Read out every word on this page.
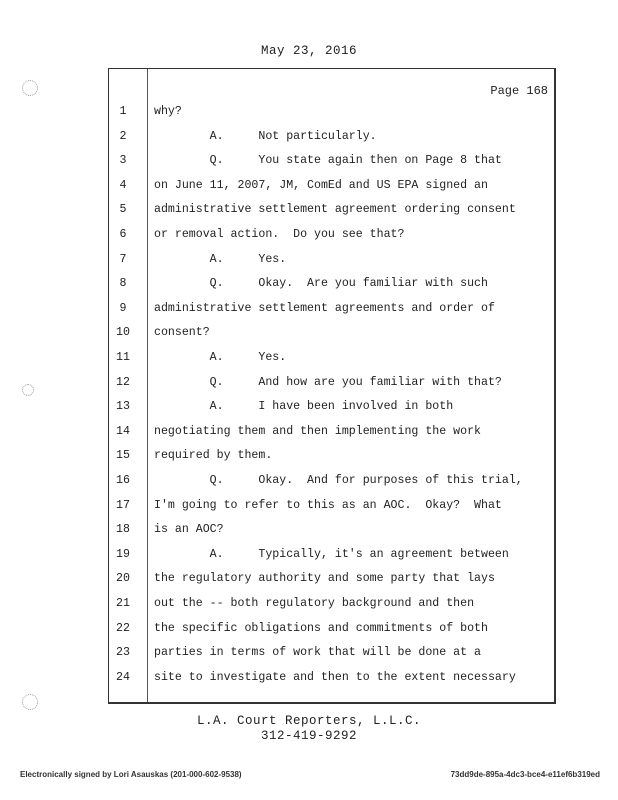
May 23, 2016
Page 168
1	why?
2	A.     Not particularly.
3	Q.     You state again then on Page 8 that
4	on June 11, 2007, JM, ComEd and US EPA signed an
5	administrative settlement agreement ordering consent
6	or removal action.  Do you see that?
7	A.     Yes.
8	Q.     Okay.  Are you familiar with such
9	administrative settlement agreements and order of
10	consent?
11	A.     Yes.
12	Q.     And how are you familiar with that?
13	A.     I have been involved in both
14	negotiating them and then implementing the work
15	required by them.
16	Q.     Okay.  And for purposes of this trial,
17	I'm going to refer to this as an AOC.  Okay?  What
18	is an AOC?
19	A.     Typically, it's an agreement between
20	the regulatory authority and some party that lays
21	out the -- both regulatory background and then
22	the specific obligations and commitments of both
23	parties in terms of work that will be done at a
24	site to investigate and then to the extent necessary
L.A. Court Reporters, L.L.C.
312-419-9292
Electronically signed by Lori Asauskas (201-000-602-9538)	73dd9de-895a-4dc3-bce4-e11ef6b319ed
